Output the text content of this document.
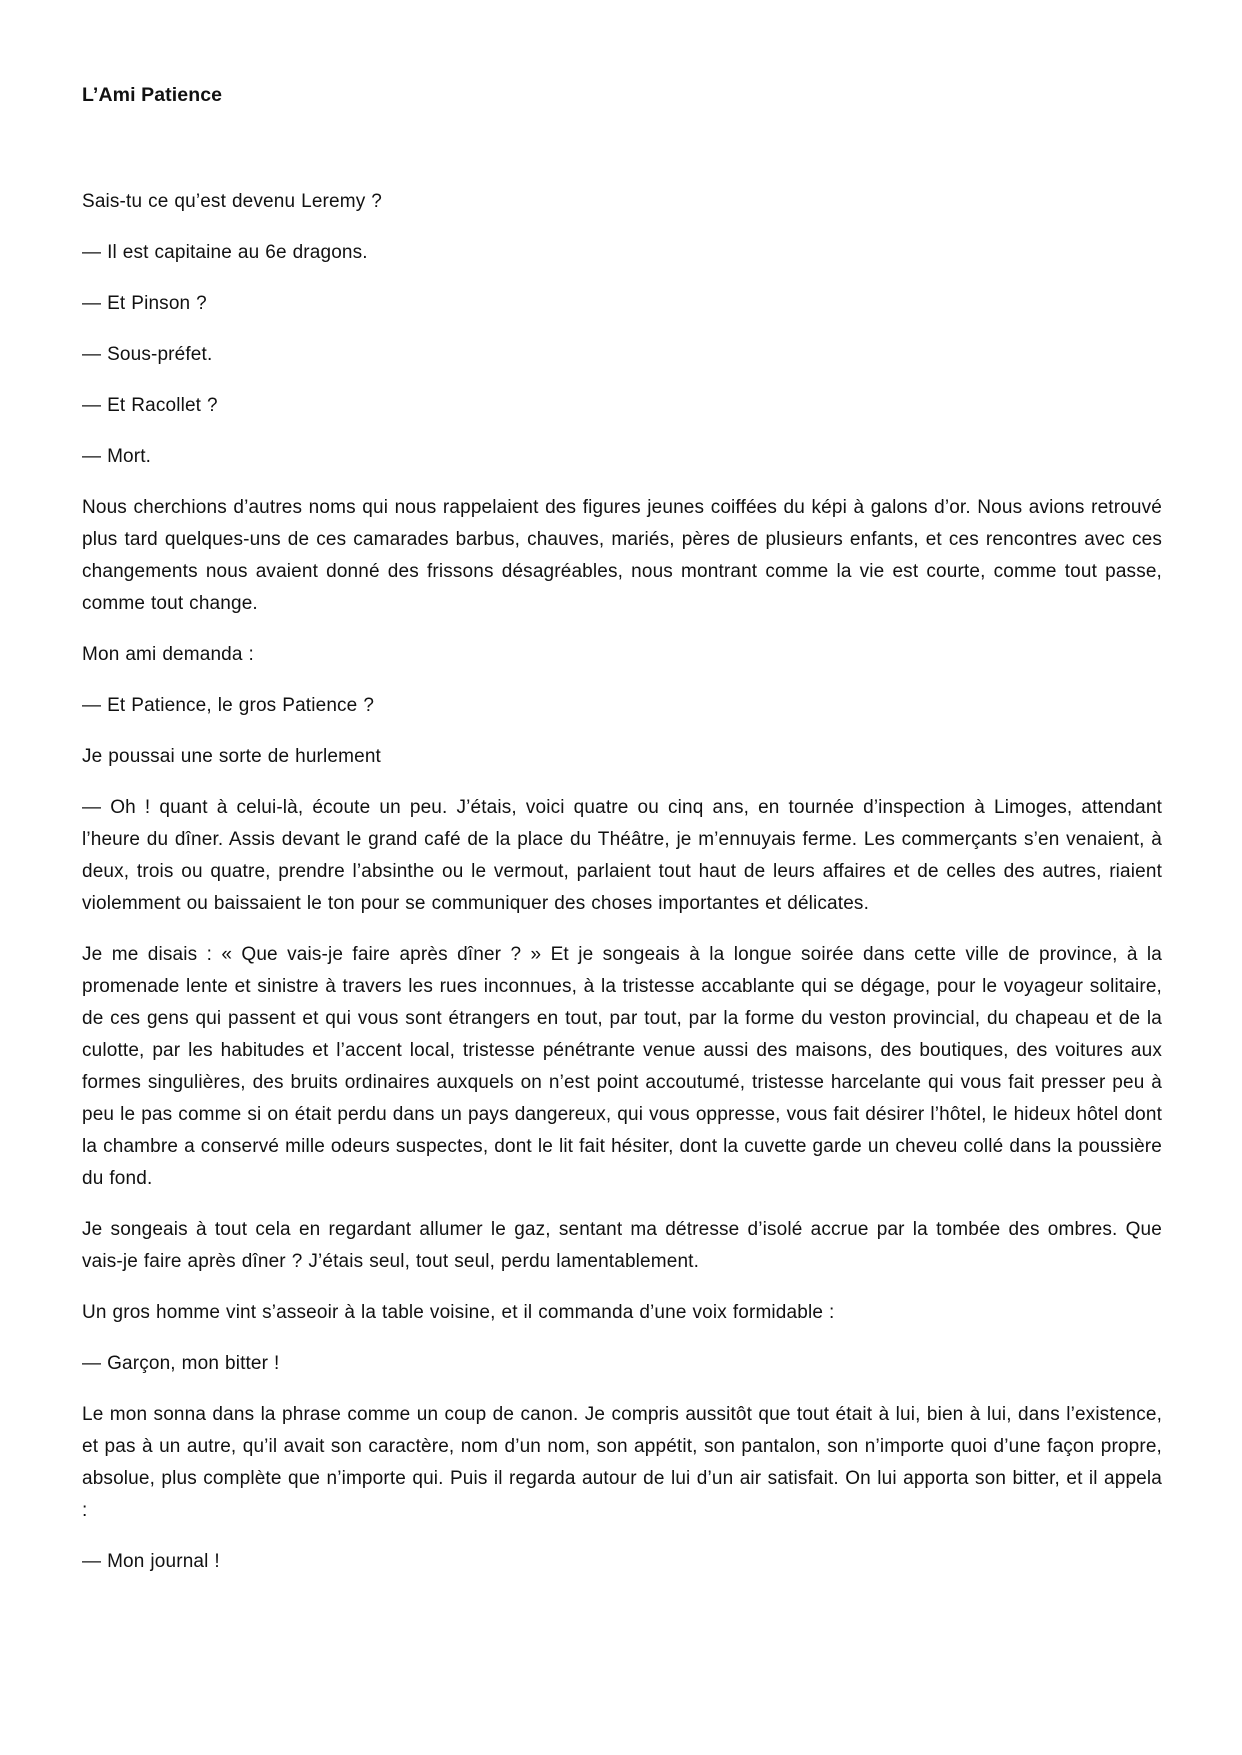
L’Ami Patience

Sais-tu ce qu’est devenu Leremy ?

— Il est capitaine au 6e dragons.

— Et Pinson ?

— Sous-préfet.

— Et Racollet ?

— Mort.

Nous cherchions d’autres noms qui nous rappelaient des figures jeunes coiffées du képi à galons d’or. Nous avions retrouvé plus tard quelques-uns de ces camarades barbus, chauves, mariés, pères de plusieurs enfants, et ces rencontres avec ces changements nous avaient donné des frissons désagréables, nous montrant comme la vie est courte, comme tout passe, comme tout change.

Mon ami demanda :

— Et Patience, le gros Patience ?

Je poussai une sorte de hurlement

— Oh ! quant à celui-là, écoute un peu. J’étais, voici quatre ou cinq ans, en tournée d’inspection à Limoges, attendant l’heure du dîner. Assis devant le grand café de la place du Théâtre, je m’ennuyais ferme. Les commerçants s’en venaient, à deux, trois ou quatre, prendre l’absinthe ou le vermout, parlaient tout haut de leurs affaires et de celles des autres, riaient violemment ou baissaient le ton pour se communiquer des choses importantes et délicates.

Je me disais : « Que vais-je faire après dîner ? » Et je songeais à la longue soirée dans cette ville de province, à la promenade lente et sinistre à travers les rues inconnues, à la tristesse accablante qui se dégage, pour le voyageur solitaire, de ces gens qui passent et qui vous sont étrangers en tout, par tout, par la forme du veston provincial, du chapeau et de la culotte, par les habitudes et l’accent local, tristesse pénétrante venue aussi des maisons, des boutiques, des voitures aux formes singulières, des bruits ordinaires auxquels on n’est point accoutumé, tristesse harcelante qui vous fait presser peu à peu le pas comme si on était perdu dans un pays dangereux, qui vous oppresse, vous fait désirer l’hôtel, le hideux hôtel dont la chambre a conservé mille odeurs suspectes, dont le lit fait hésiter, dont la cuvette garde un cheveu collé dans la poussière du fond.

Je songeais à tout cela en regardant allumer le gaz, sentant ma détresse d’isolé accrue par la tombée des ombres. Que vais-je faire après dîner ? J’étais seul, tout seul, perdu lamentablement.

Un gros homme vint s’asseoir à la table voisine, et il commanda d’une voix formidable :

— Garçon, mon bitter !

Le mon sonna dans la phrase comme un coup de canon. Je compris aussitôt que tout était à lui, bien à lui, dans l’existence, et pas à un autre, qu’il avait son caractère, nom d’un nom, son appétit, son pantalon, son n’importe quoi d’une façon propre, absolue, plus complète que n’importe qui. Puis il regarda autour de lui d’un air satisfait. On lui apporta son bitter, et il appela :

— Mon journal !
